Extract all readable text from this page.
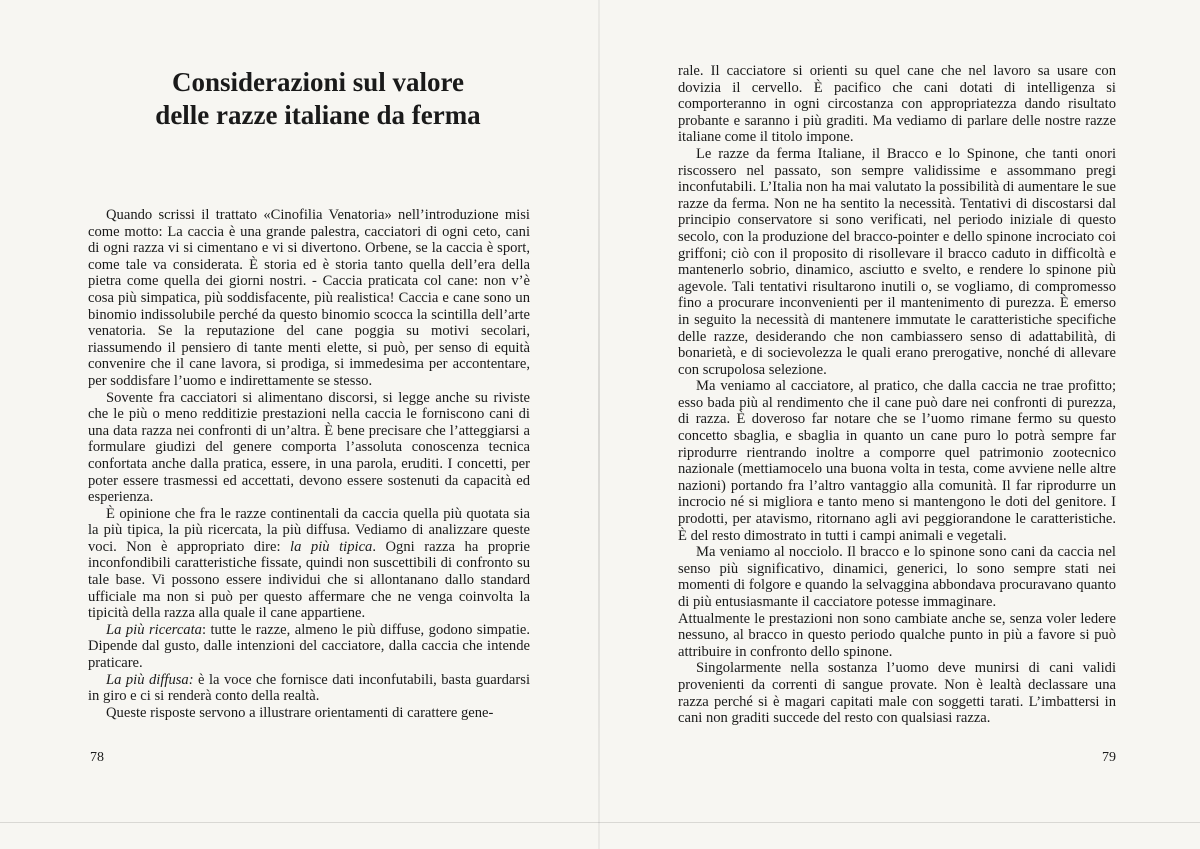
Considerazioni sul valore
delle razze italiane da ferma

Quando scrissi il trattato «Cinofilia Venatoria» nell’introduzione misi come motto: La caccia è una grande palestra, cacciatori di ogni ceto, cani di ogni razza vi si cimentano e vi si divertono. Orbene, se la caccia è sport, come tale va considerata. È storia ed è storia tanto quella dell’era della pietra come quella dei giorni nostri. - Caccia praticata col cane: non v’è cosa più simpatica, più soddisfacente, più realistica! Caccia e cane sono un binomio indissolubile perché da questo binomio scocca la scintilla dell’arte venatoria. Se la reputazione del cane poggia su motivi secolari, riassumendo il pensiero di tante menti elette, si può, per senso di equità convenire che il cane lavora, si prodiga, si immedesima per accontentare, per soddisfare l’uomo e indirettamente se stesso.

Sovente fra cacciatori si alimentano discorsi, si legge anche su riviste che le più o meno redditizie prestazioni nella caccia le forniscono cani di una data razza nei confronti di un’altra. È bene precisare che l’atteggiarsi a formulare giudizi del genere comporta l’assoluta conoscenza tecnica confortata anche dalla pratica, essere, in una parola, eruditi. I concetti, per poter essere trasmessi ed accettati, devono essere sostenuti da capacità ed esperienza.

È opinione che fra le razze continentali da caccia quella più quotata sia la più tipica, la più ricercata, la più diffusa. Vediamo di analizzare queste voci. Non è appropriato dire: la più tipica. Ogni razza ha proprie inconfondibili caratteristiche fissate, quindi non suscettibili di confronto su tale base. Vi possono essere individui che si allontanano dallo standard ufficiale ma non si può per questo affermare che ne venga coinvolta la tipicità della razza alla quale il cane appartiene.

La più ricercata: tutte le razze, almeno le più diffuse, godono simpatie. Dipende dal gusto, dalle intenzioni del cacciatore, dalla caccia che intende praticare.

La più diffusa: è la voce che fornisce dati inconfutabili, basta guardarsi in giro e ci si renderà conto della realtà.

Queste risposte servono a illustrare orientamenti di carattere gene-

78

rale. Il cacciatore si orienti su quel cane che nel lavoro sa usare con dovizia il cervello. È pacifico che cani dotati di intelligenza si comporteranno in ogni circostanza con appropriatezza dando risultato probante e saranno i più graditi. Ma vediamo di parlare delle nostre razze italiane come il titolo impone.

Le razze da ferma Italiane, il Bracco e lo Spinone, che tanti onori riscossero nel passato, son sempre validissime e assommano pregi inconfutabili. L’Italia non ha mai valutato la possibilità di aumentare le sue razze da ferma. Non ne ha sentito la necessità. Tentativi di discostarsi dal principio conservatore si sono verificati, nel periodo iniziale di questo secolo, con la produzione del bracco-pointer e dello spinone incrociato coi griffoni; ciò con il proposito di risollevare il bracco caduto in difficoltà e mantenerlo sobrio, dinamico, asciutto e svelto, e rendere lo spinone più agevole. Tali tentativi risultarono inutili o, se vogliamo, di compromesso fino a procurare inconvenienti per il mantenimento di purezza. È emerso in seguito la necessità di mantenere immutate le caratteristiche specifiche delle razze, desiderando che non cambiassero senso di adattabilità, di bonarietà, e di socievolezza le quali erano prerogative, nonché di allevare con scrupolosa selezione.

Ma veniamo al cacciatore, al pratico, che dalla caccia ne trae profitto; esso bada più al rendimento che il cane può dare nei confronti di purezza, di razza. È doveroso far notare che se l’uomo rimane fermo su questo concetto sbaglia, e sbaglia in quanto un cane puro lo potrà sempre far riprodurre rientrando inoltre a comporre quel patrimonio zootecnico nazionale (mettiamocelo una buona volta in testa, come avviene nelle altre nazioni) portando fra l’altro vantaggio alla comunità. Il far riprodurre un incrocio né si migliora e tanto meno si mantengono le doti del genitore. I prodotti, per atavismo, ritornano agli avi peggiorandone le caratteristiche. È del resto dimostrato in tutti i campi animali e vegetali.

Ma veniamo al nocciolo. Il bracco e lo spinone sono cani da caccia nel senso più significativo, dinamici, generici, lo sono sempre stati nei momenti di folgore e quando la selvaggina abbondava procuravano quanto di più entusiasmante il cacciatore potesse immaginare.

Attualmente le prestazioni non sono cambiate anche se, senza voler ledere nessuno, al bracco in questo periodo qualche punto in più a favore si può attribuire in confronto dello spinone.

Singolarmente nella sostanza l’uomo deve munirsi di cani validi provenienti da correnti di sangue provate. Non è lealtà declassare una razza perché si è magari capitati male con soggetti tarati. L’imbattersi in cani non graditi succede del resto con qualsiasi razza.

79
